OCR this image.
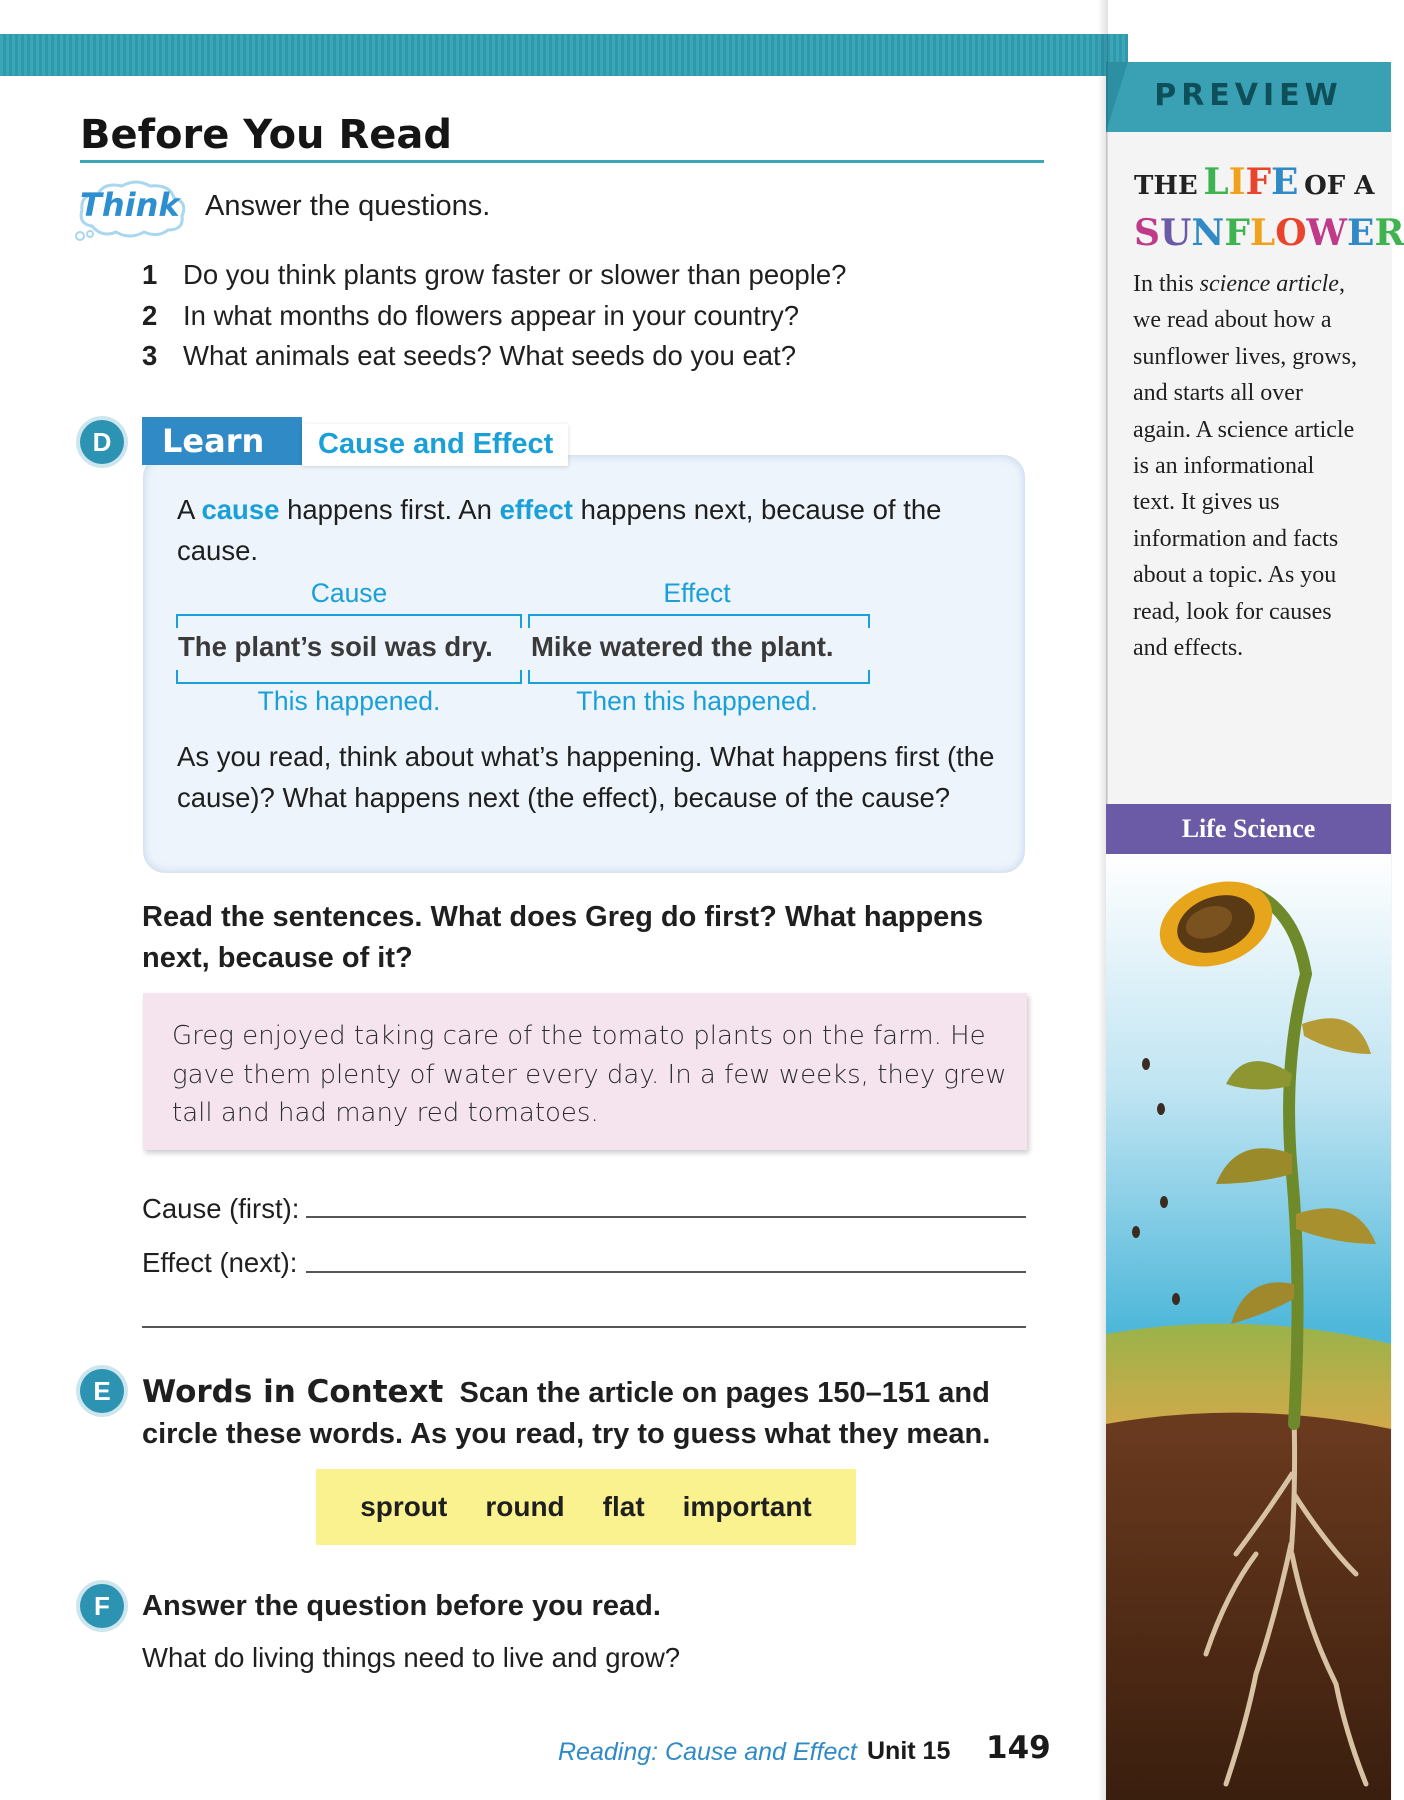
PREVIEW
THE LIFE OF A
SUNFLOWER
In this science article, we read about how a sunflower lives, grows, and starts all over again. A science article is an informational text. It gives us information and facts about a topic. As you read, look for causes and effects.
Life Science
Before You Read
Think Answer the questions.
1 Do you think plants grow faster or slower than people?
2 In what months do flowers appear in your country?
3 What animals eat seeds? What seeds do you eat?
D	Learn	Cause and Effect
A cause happens first. An effect happens next, because of the cause.
Cause	Effect
The plant’s soil was dry. Mike watered the plant.
This happened.	Then this happened.
As you read, think about what’s happening. What happens first (the cause)? What happens next (the effect), because of the cause?
Read the sentences. What does Greg do first? What happens next, because of it?
Greg enjoyed taking care of the tomato plants on the farm. He gave them plenty of water every day. In a few weeks, they grew tall and had many red tomatoes.
Cause (first):
Effect (next):
E	Words in Context Scan the article on pages 150–151 and circle these words. As you read, try to guess what they mean.
sprout round flat important
F	Answer the question before you read.
What do living things need to live and grow?
Reading: Cause and Effect Unit 15 149
